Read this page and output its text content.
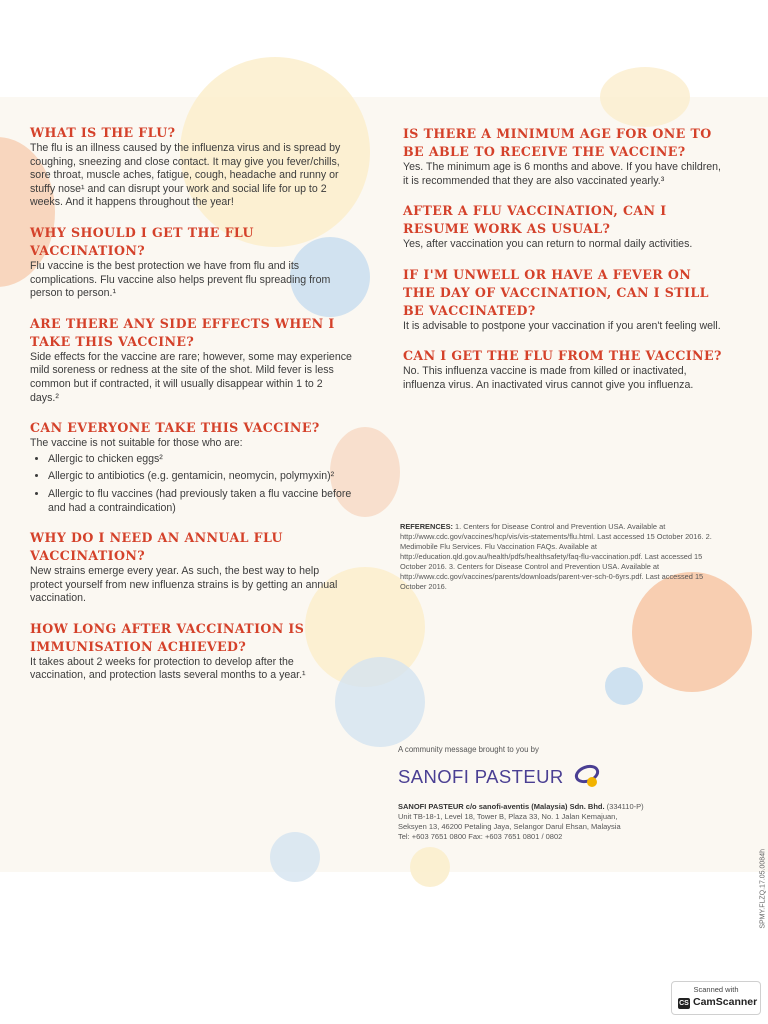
WHAT IS THE FLU?

The flu is an illness caused by the influenza virus and is spread by coughing, sneezing and close contact. It may give you fever/chills, sore throat, muscle aches, fatigue, cough, headache and runny or stuffy nose¹ and can disrupt your work and social life for up to 2 weeks. And it happens throughout the year!

WHY SHOULD I GET THE FLU VACCINATION?

Flu vaccine is the best protection we have from flu and its complications. Flu vaccine also helps prevent flu spreading from person to person.¹

ARE THERE ANY SIDE EFFECTS WHEN I TAKE THIS VACCINE?

Side effects for the vaccine are rare; however, some may experience mild soreness or redness at the site of the shot. Mild fever is less common but if contracted, it will usually disappear within 1 to 2 days.²

CAN EVERYONE TAKE THIS VACCINE?

The vaccine is not suitable for those who are:

• Allergic to chicken eggs²
• Allergic to antibiotics (e.g. gentamicin, neomycin, polymyxin)²
• Allergic to flu vaccines (had previously taken a flu vaccine before and had a contraindication)
WHY DO I NEED AN ANNUAL FLU VACCINATION?

New strains emerge every year. As such, the best way to help protect yourself from new influenza strains is by getting an annual vaccination.

HOW LONG AFTER VACCINATION IS IMMUNISATION ACHIEVED?

It takes about 2 weeks for protection to develop after the vaccination, and protection lasts several months to a year.¹

IS THERE A MINIMUM AGE FOR ONE TO BE ABLE TO RECEIVE THE VACCINE?

Yes. The minimum age is 6 months and above. If you have children, it is recommended that they are also vaccinated yearly.³

AFTER A FLU VACCINATION, CAN I RESUME WORK AS USUAL?

Yes, after vaccination you can return to normal daily activities.

IF I'M UNWELL OR HAVE A FEVER ON THE DAY OF VACCINATION, CAN I STILL BE VACCINATED?

It is advisable to postpone your vaccination if you aren't feeling well.

CAN I GET THE FLU FROM THE VACCINE?

No. This influenza vaccine is made from killed or inactivated, influenza virus. An inactivated virus cannot give you influenza.

REFERENCES: 1. Centers for Disease Control and Prevention USA. Available at http://www.cdc.gov/vaccines/hcp/vis/vis-statements/flu.html. Last accessed 15 October 2016. 2. Medimobile Flu Services. Flu Vaccination FAQs. Available at http://education.qld.gov.au/health/pdfs/healthsafety/faq-flu-vaccination.pdf. Last accessed 15 October 2016. 3. Centers for Disease Control and Prevention USA. Available at http://www.cdc.gov/vaccines/parents/downloads/parent-ver-sch-0-6yrs.pdf. Last accessed 15 October 2016.
A community message brought to you by
SANOFI PASTEUR
SANOFI PASTEUR c/o sanofi-aventis (Malaysia) Sdn. Bhd. (334110-P)
Unit TB-18-1, Level 18, Tower B, Plaza 33, No. 1 Jalan Kemajuan,
Seksyen 13, 46200 Petaling Jaya, Selangor Darul Ehsan, Malaysia
Tel: +603 7651 0800 Fax: +603 7651 0801 / 0802
SPMY.FLZQ.17.05.0084h
Scanned with
CS CamScanner
